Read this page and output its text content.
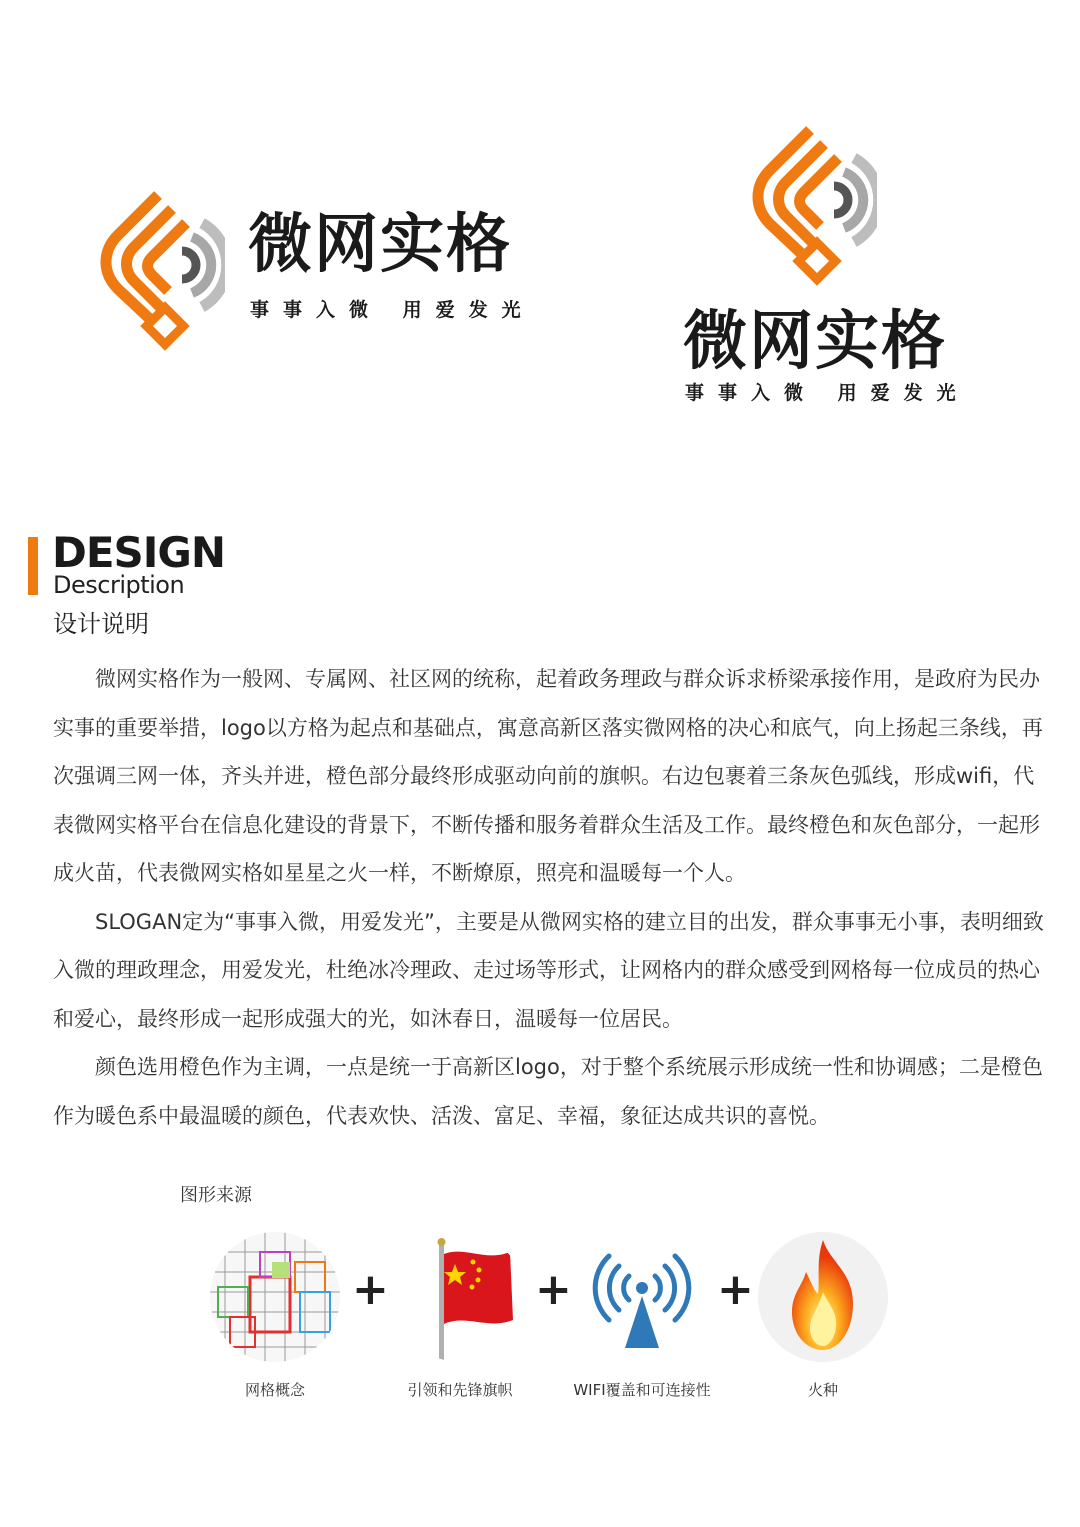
微网实格
事事入微 用爱发光 微网实格
事事入微 用爱发光
DESIGN
Description
设计说明

微网实格作为一般网、专属网、社区网的统称，起着政务理政与群众诉求桥梁承接作用，是政府为民办实事的重要举措，logo以方格为起点和基础点，寓意高新区落实微网格的决心和底气，向上扬起三条线，再次强调三网一体，齐头并进，橙色部分最终形成驱动向前的旗帜。右边包裹着三条灰色弧线，形成wifi，代表微网实格平台在信息化建设的背景下，不断传播和服务着群众生活及工作。最终橙色和灰色部分，一起形成火苗，代表微网实格如星星之火一样，不断燎原，照亮和温暖每一个人。

SLOGAN定为“事事入微，用爱发光”，主要是从微网实格的建立目的出发，群众事事无小事，表明细致入微的理政理念，用爱发光，杜绝冰冷理政、走过场等形式，让网格内的群众感受到网格每一位成员的热心和爱心，最终形成一起形成强大的光，如沐春日，温暖每一位居民。

颜色选用橙色作为主调，一点是统一于高新区logo，对于整个系统展示形成统一性和协调感；二是橙色作为暖色系中最温暖的颜色，代表欢快、活泼、富足、幸福，象征达成共识的喜悦。

图形来源
网格概念
+
引领和先锋旗帜
+
WIFI覆盖和可连接性
+
火种
